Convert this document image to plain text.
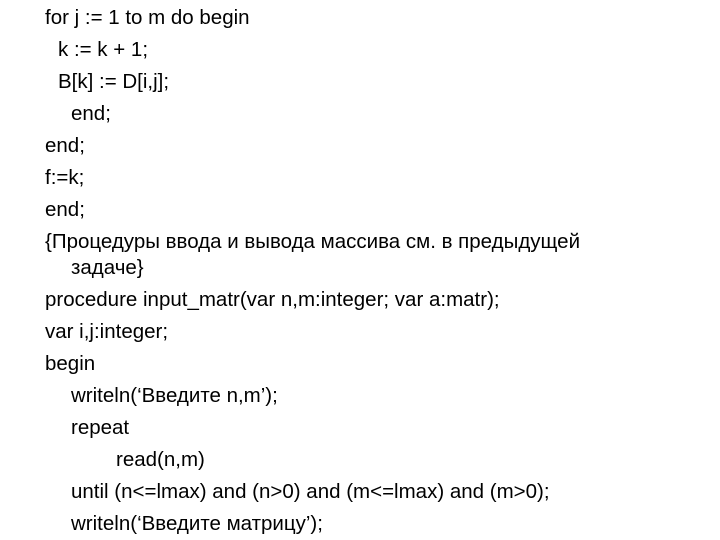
for j := 1 to m do begin
k := k + 1;
B[k] := D[i,j];
end;
end;
f:=k;
end;
{Процедуры ввода и вывода массива см. в предыдущей
задаче}
procedure input_matr(var n,m:integer; var a:matr);
var i,j:integer;
begin
writeln(‘Введите n,m’);
repeat
read(n,m)
until (n<=lmax) and (n>0) and (m<=lmax) and (m>0);
writeln(‘Введите матрицу’);
